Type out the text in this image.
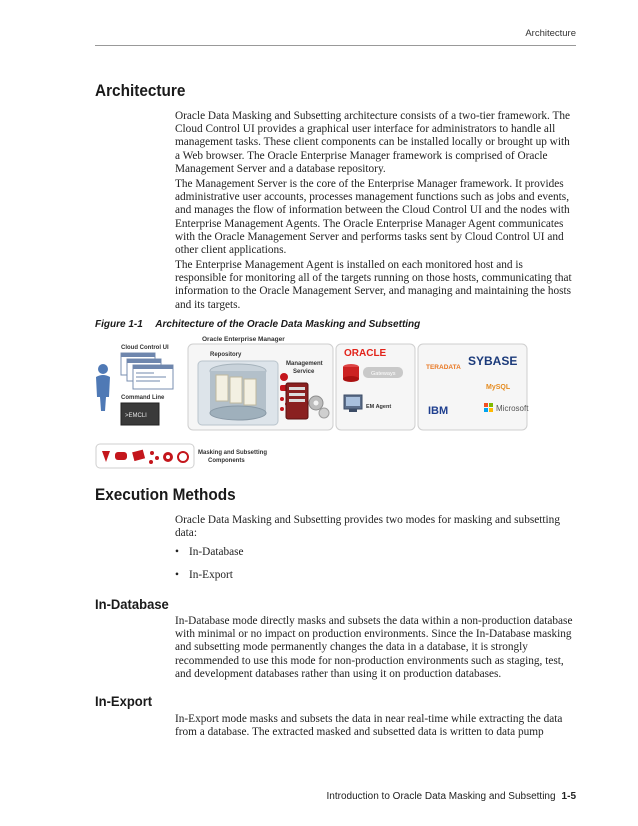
Architecture
Architecture

Oracle Data Masking and Subsetting architecture consists of a two-tier framework. The Cloud Control UI provides a graphical user interface for administrators to handle all management tasks. These client components can be installed locally or brought up with a Web browser. The Oracle Enterprise Manager framework is comprised of Oracle Management Server and a database repository.

The Management Server is the core of the Enterprise Manager framework. It provides administrative user accounts, processes management functions such as jobs and events, and manages the flow of information between the Cloud Control UI and the nodes with Enterprise Management Agents. The Oracle Enterprise Manager Agent communicates with the Oracle Management Server and performs tasks sent by Cloud Control UI and other client applications.

The Enterprise Management Agent is installed on each monitored host and is responsible for monitoring all of the targets running on those hosts, communicating that information to the Oracle Management Server, and managing and maintaining the hosts and its targets.

Figure 1-1 Architecture of the Oracle Data Masking and Subsetting
Oracle Enterprise Manager
Repository
Management Service
Cloud Control UI
Command Line
>EMCLI
ORACLE
Gateways
EM Agent
TERADATA SYBASE
MySQL
IBM	Microsoft
Masking and Subsetting Components
Execution Methods

Oracle Data Masking and Subsetting provides two modes for masking and subsetting data:

• In-Database
• In-Export
In-Database

In-Database mode directly masks and subsets the data within a non-production database with minimal or no impact on production environments. Since the In-Database masking and subsetting mode permanently changes the data in a database, it is strongly recommended to use this mode for non-production environments such as staging, test, and development databases rather than using it on production databases.

In-Export

In-Export mode masks and subsets the data in near real-time while extracting the data from a database. The extracted masked and subsetted data is written to data pump

Introduction to Oracle Data Masking and Subsetting 1-5
